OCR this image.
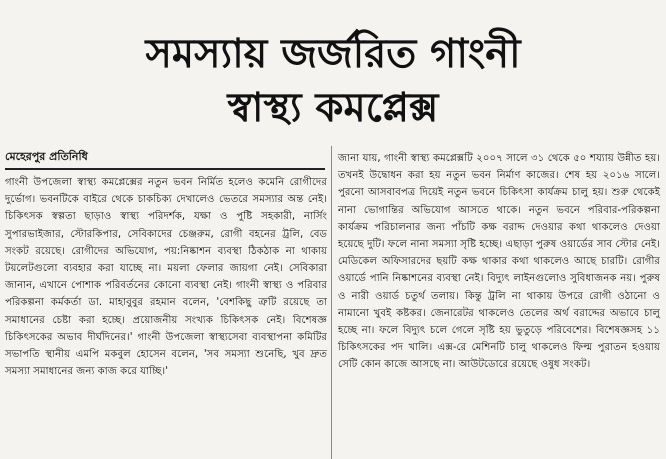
সমস্যায় জর্জরিত গাংনী
স্বাস্থ্য কমপ্লেক্স
মেহেরপুর প্রতিনিধি

গাংনী উপজেলা স্বাস্থ্য কমপ্লেক্সের নতুন ভবন নির্মিত হলেও কমেনি রোগীদের দুর্ভোগ। ভবনটিকে বাইরে থেকে চাকচিক্য দেখালেও ভেতরে সমস্যার অন্ত নেই। চিকিৎসক স্বল্পতা ছাড়াও স্বাস্থ্য পরিদর্শক, যক্ষা ও পুষ্টি সহকারী, নার্সিং সুপারভাইজার, স্টোরকিপার, সেবিকাদের চেঞ্জরুম, রোগী বহনের ট্রলি, বেড সংকট রয়েছে। রোগীদের অভিযোগ, পয়:নিষ্কাশন ব্যবস্থা ঠিকঠাক না থাকায় টয়লেটগুলো ব্যবহার করা যাচ্ছে না। ময়লা ফেলার জায়গা নেই। সেবিকারা জানান, এখানে পোশাক পরিবর্তনের কোনো ব্যবস্থা নেই। গাংনী স্বাস্থ্য ও পরিবার পরিকল্পনা কর্মকর্তা ডা. মাহাবুবুর রহমান বলেন, 'বেশকিছু ত্রুটি রয়েছে তা সমাধানের চেষ্টা করা হচ্ছে। প্রয়োজনীয় সংখ্যক চিকিৎসক নেই। বিশেষজ্ঞ চিকিৎসকের অভাব দীর্ঘদিনের।' গাংনী উপজেলা স্বাস্থ্যসেবা ব্যবস্থাপনা কমিটির সভাপতি স্থানীয় এমপি মকবুল হোসেন বলেন, 'সব সমস্যা শুনেছি, খুব দ্রুত সমস্যা সমাধানের জন্য কাজ করে যাচ্ছি।'

জানা যায়, গাংনী স্বাস্থ্য কমপ্লেক্সটি ২০০৭ সালে ৩১ থেকে ৫০ শয্যায় উন্নীত হয়। তখনই উদ্বোধন করা হয় নতুন ভবন নির্মাণ কাজের। শেষ হয় ২০১৬ সালে। পুরনো আসবাবপত্র দিয়েই নতুন ভবনে চিকিৎসা কার্যক্রম চালু হয়। শুরু থেকেই নানা ভোগান্তির অভিযোগ আসতে থাকে। নতুন ভবনে পরিবার-পরিকল্পনা কার্যক্রম পরিচালনার জন্য পাঁচটি কক্ষ বরাদ্দ দেওয়ার কথা থাকলেও দেওয়া হয়েছে দুটি। ফলে নানা সমস্যা সৃষ্টি হচ্ছে। এছাড়া পুরুষ ওয়ার্ডের সাব স্টোর নেই। মেডিকেল অফিসারদের ছয়টি কক্ষ থাকার কথা থাকলেও আছে চারটি। রোগীর ওয়ার্ডে পানি নিষ্কাশনের ব্যবস্থা নেই। বিদ্যুৎ লাইনগুলোও সুবিধাজনক নয়। পুরুষ ও নারী ওয়ার্ড চতুর্থ তলায়। কিন্তু ট্রলি না থাকায় উপরে রোগী ওঠানো ও নামানো খুবই কষ্টকর। জেনারেটর থাকলেও তেলের অর্থ বরাদ্দের অভাবে চালু হচ্ছে না। ফলে বিদ্যুৎ চলে গেলে সৃষ্টি হয় ভুতুড়ে পরিবেশের। বিশেষজ্ঞসহ ১১ চিকিৎসকের পদ খালি। এক্স-রে মেশিনটি চালু থাকলেও ফিল্ম পুরাতন হওয়ায় সেটি কোন কাজে আসছে না। আউটডোরে রয়েছে ওষুধ সংকট।
